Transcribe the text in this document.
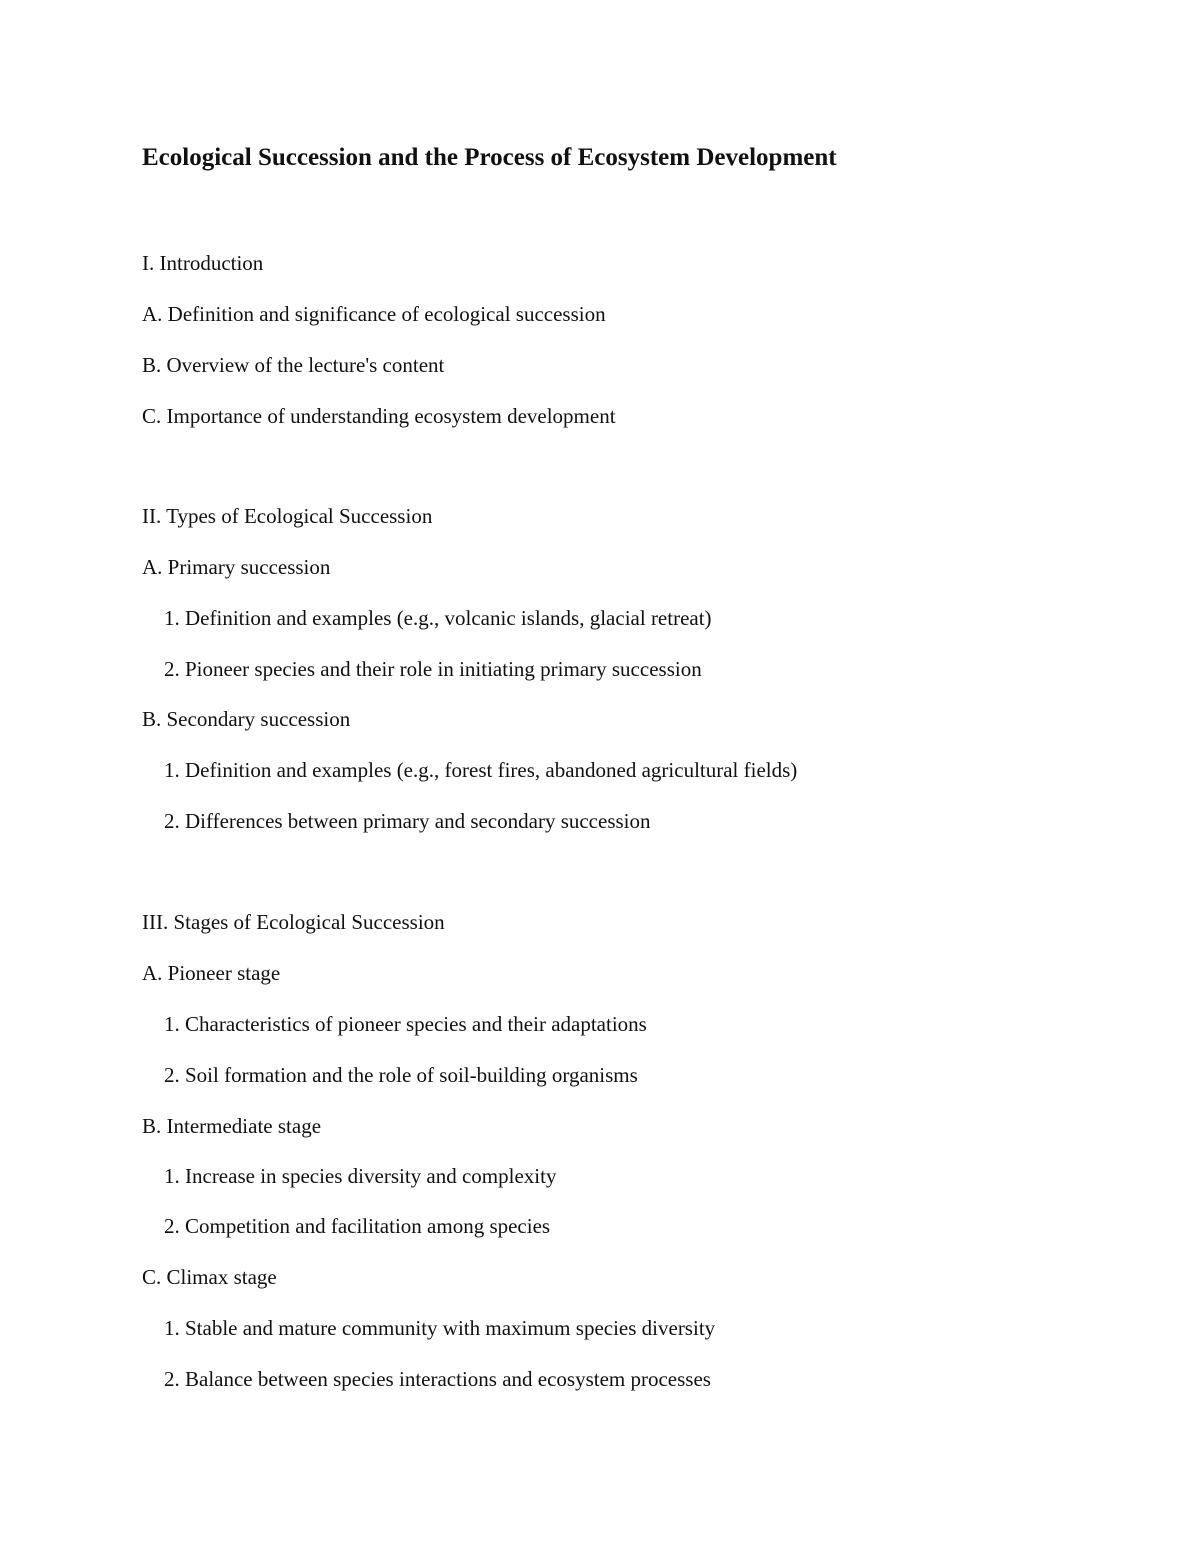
Ecological Succession and the Process of Ecosystem Development
I. Introduction
A. Definition and significance of ecological succession
B. Overview of the lecture's content
C. Importance of understanding ecosystem development
II. Types of Ecological Succession
A. Primary succession
1. Definition and examples (e.g., volcanic islands, glacial retreat)
2. Pioneer species and their role in initiating primary succession
B. Secondary succession
1. Definition and examples (e.g., forest fires, abandoned agricultural fields)
2. Differences between primary and secondary succession
III. Stages of Ecological Succession
A. Pioneer stage
1. Characteristics of pioneer species and their adaptations
2. Soil formation and the role of soil-building organisms
B. Intermediate stage
1. Increase in species diversity and complexity
2. Competition and facilitation among species
C. Climax stage
1. Stable and mature community with maximum species diversity
2. Balance between species interactions and ecosystem processes
